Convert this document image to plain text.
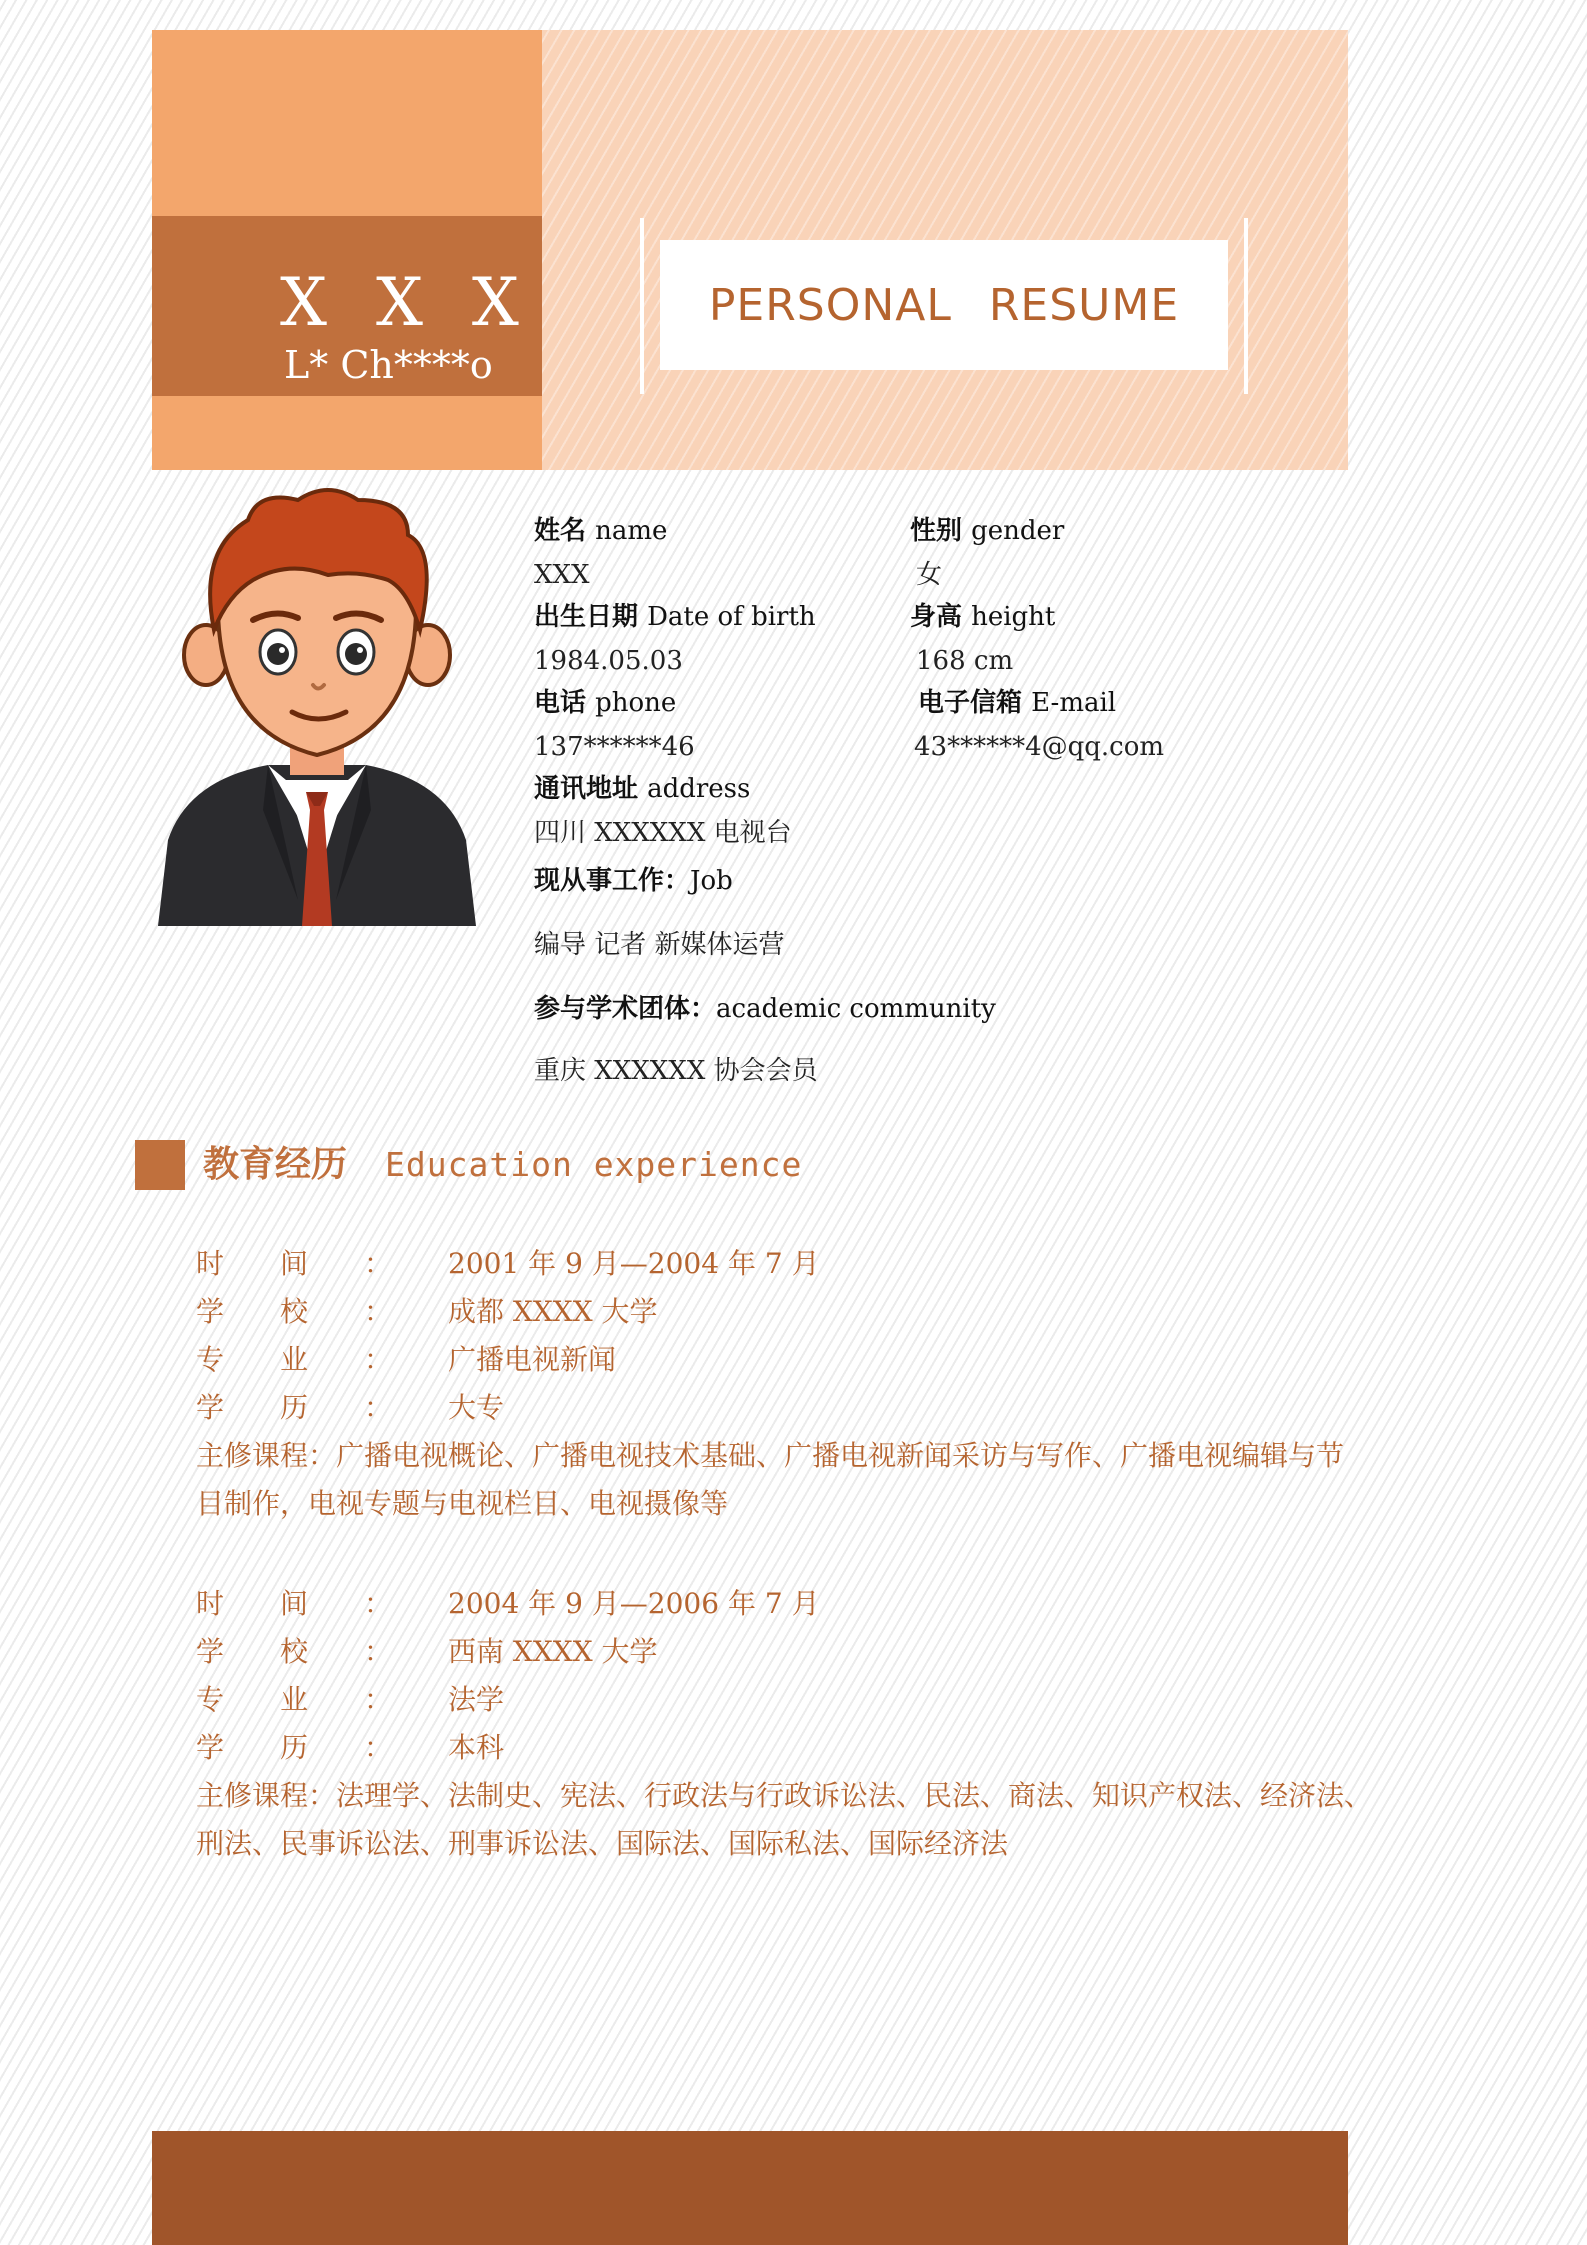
X X X
L* Ch****o
PERSONAL RESUME
姓名 name
XXX
性别 gender
女
出生日期 Date of birth
1984.05.03
身高 height
168 cm
电话 phone
137******46
电子信箱 E-mail
43******4@qq.com
通讯地址 address
四川 XXXXXX 电视台
现从事工作：Job
编导 记者 新媒体运营
参与学术团体：academic community
重庆 XXXXXX 协会会员
教育经历 Education experience
时间：2001 年 9 月—2004 年 7 月
学校：成都 XXXX 大学
专业：广播电视新闻
学历：大专
主修课程：广播电视概论、广播电视技术基础、广播电视新闻采访与写作、广播电视编辑与节
目制作，电视专题与电视栏目、电视摄像等
时间：2004 年 9 月—2006 年 7 月
学校：西南 XXXX 大学
专业：法学
学历：本科
主修课程：法理学、法制史、宪法、行政法与行政诉讼法、民法、商法、知识产权法、经济法、
刑法、民事诉讼法、刑事诉讼法、国际法、国际私法、国际经济法
